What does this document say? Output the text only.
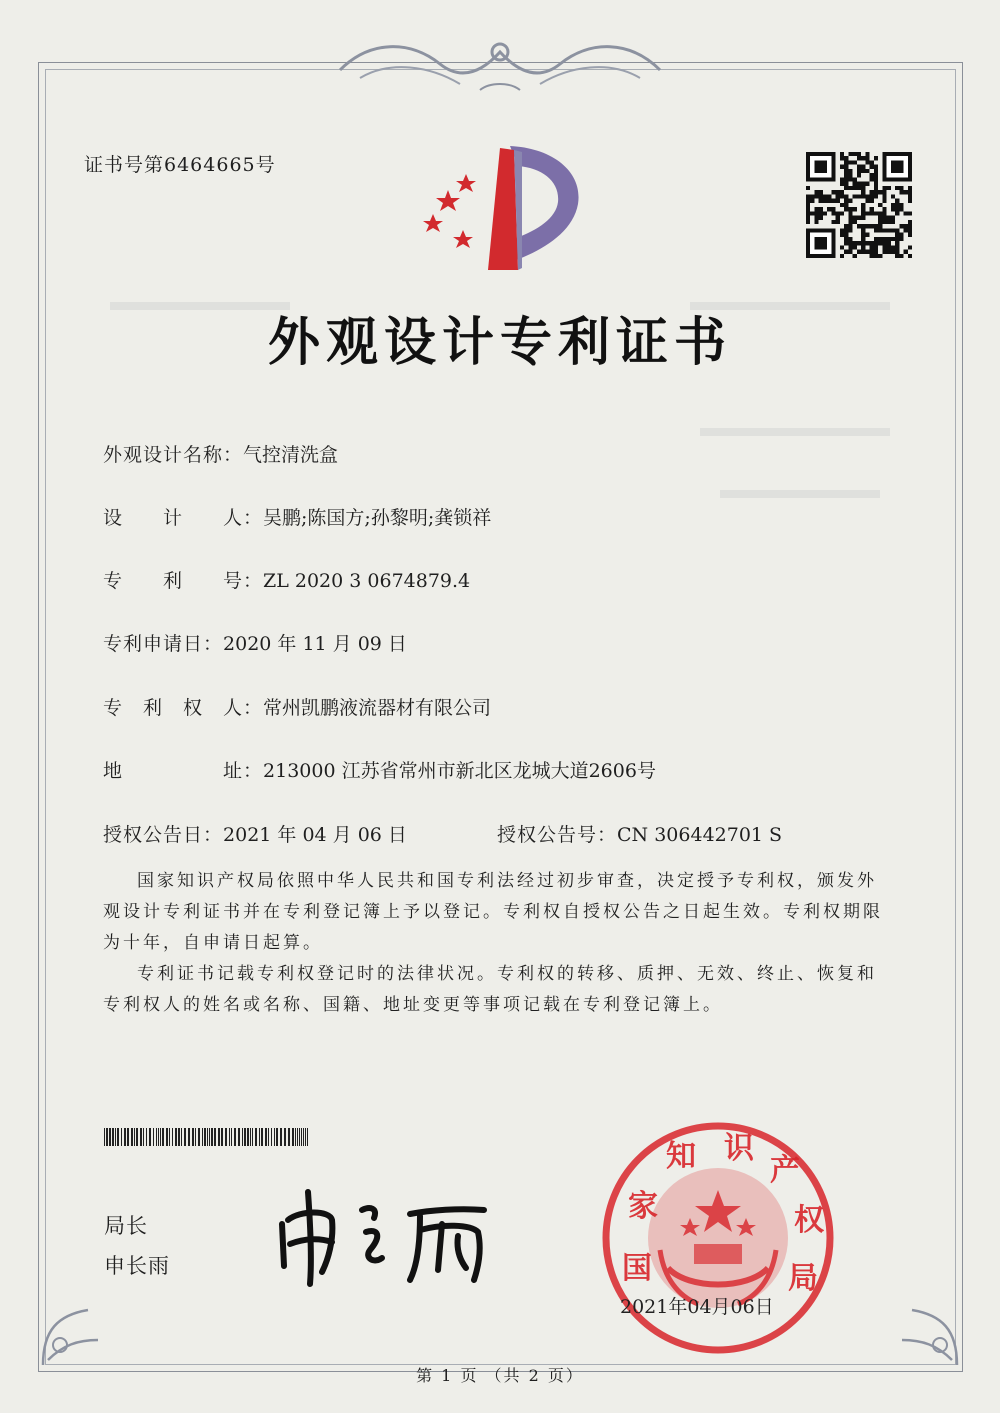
证书号第6464665号
外观设计专利证书
外观设计名称：气控清洗盒
设　　计　　人：吴鹏;陈国方;孙黎明;龚锁祥
专　　利　　号：ZL 2020 3 0674879.4
专利申请日：2020 年 11 月 09 日
专　利　权　人：常州凯鹏液流器材有限公司
地　　　　　址：213000 江苏省常州市新北区龙城大道2606号
授权公告日：2021 年 04 月 06 日	授权公告号：CN 306442701 S
国家知识产权局依照中华人民共和国专利法经过初步审查，决定授予专利权，颁发外观设计专利证书并在专利登记簿上予以登记。专利权自授权公告之日起生效。专利权期限为十年，自申请日起算。
专利证书记载专利权登记时的法律状况。专利权的转移、质押、无效、终止、恢复和专利权人的姓名或名称、国籍、地址变更等事项记载在专利登记簿上。
局长
申长雨	国 家 知 识 产 权 局
2021年04月06日
第 1 页 （共 2 页）
